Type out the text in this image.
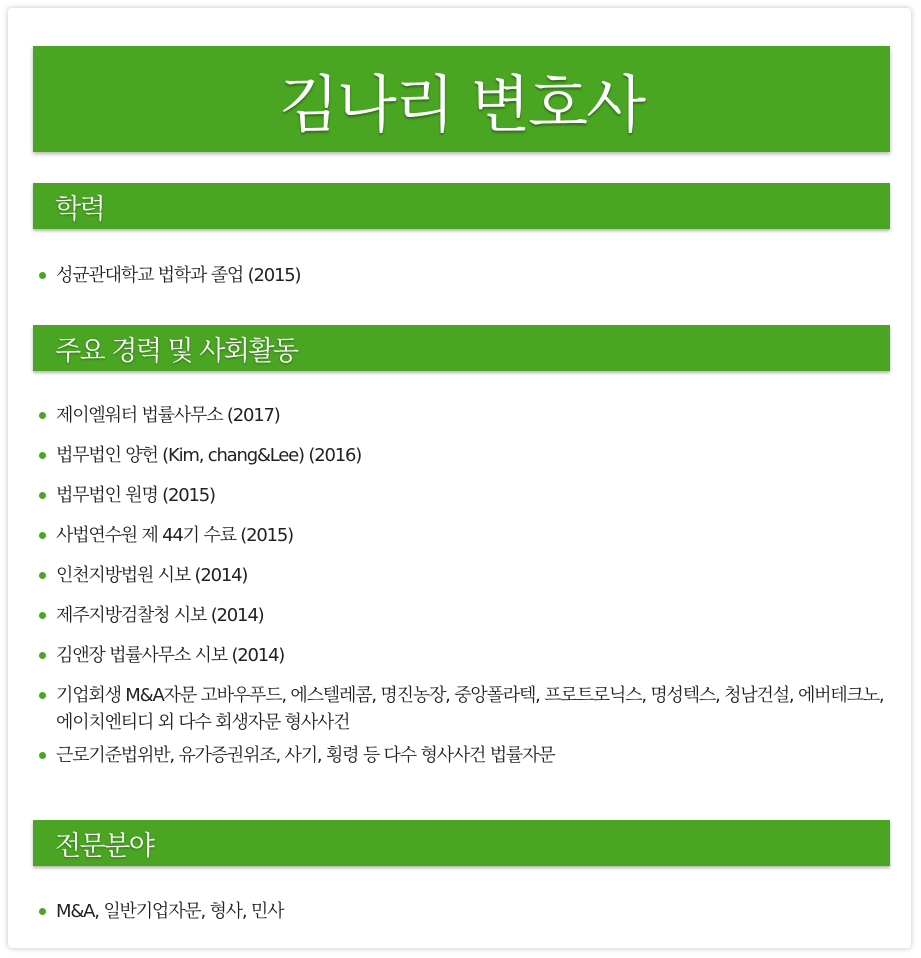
김나리 변호사
학력
성균관대학교 법학과 졸업 (2015)
주요 경력 및 사회활동
제이엘워터 법률사무소 (2017)
법무법인 양헌 (Kim, chang&Lee) (2016)
법무법인 원명 (2015)
사법연수원 제 44기 수료 (2015)
인천지방법원 시보 (2014)
제주지방검찰청 시보 (2014)
김앤장 법률사무소 시보 (2014)
기업회생 M&A자문 고바우푸드, 에스텔레콤, 명진농장, 중앙폴라텍, 프로트로닉스, 명성텍스, 청남건설, 에버테크노, 에이치엔티디 외 다수 회생자문 형사사건
근로기준법위반, 유가증권위조, 사기, 횡령 등 다수 형사사건 법률자문
전문분야
M&A, 일반기업자문, 형사, 민사
